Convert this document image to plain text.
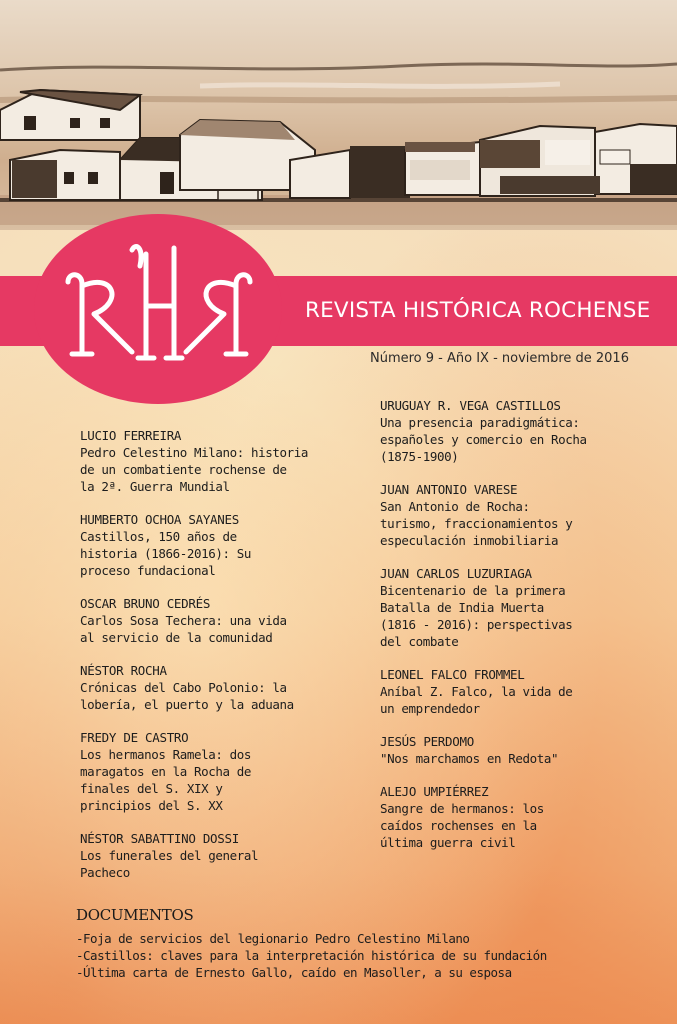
REVISTA HISTÓRICA ROCHENSE
Número 9 - Año IX - noviembre de 2016
LUCIO FERREIRA
Pedro Celestino Milano: historia
de un combatiente rochense de
la 2ª. Guerra Mundial
HUMBERTO OCHOA SAYANES
Castillos, 150 años de
historia (1866-2016): Su
proceso fundacional
OSCAR BRUNO CEDRÉS
Carlos Sosa Techera: una vida
al servicio de la comunidad
NÉSTOR ROCHA
Crónicas del Cabo Polonio: la
lobería, el puerto y la aduana
FREDY DE CASTRO
Los hermanos Ramela: dos
maragatos en la Rocha de
finales del S. XIX y
principios del S. XX
NÉSTOR SABATTINO DOSSI
Los funerales del general
Pacheco
URUGUAY R. VEGA CASTILLOS
Una presencia paradigmática:
españoles y comercio en Rocha
(1875-1900)
JUAN ANTONIO VARESE
San Antonio de Rocha:
turismo, fraccionamientos y
especulación inmobiliaria
JUAN CARLOS LUZURIAGA
Bicentenario de la primera
Batalla de India Muerta
(1816 - 2016): perspectivas
del combate
LEONEL FALCO FROMMEL
Aníbal Z. Falco, la vida de
un emprendedor
JESÚS PERDOMO
"Nos marchamos en Redota"
ALEJO UMPIÉRREZ
Sangre de hermanos: los
caídos rochenses en la
última guerra civil
DOCUMENTOS
-Foja de servicios del legionario Pedro Celestino Milano
-Castillos: claves para la interpretación histórica de su fundación
-Última carta de Ernesto Gallo, caído en Masoller, a su esposa
